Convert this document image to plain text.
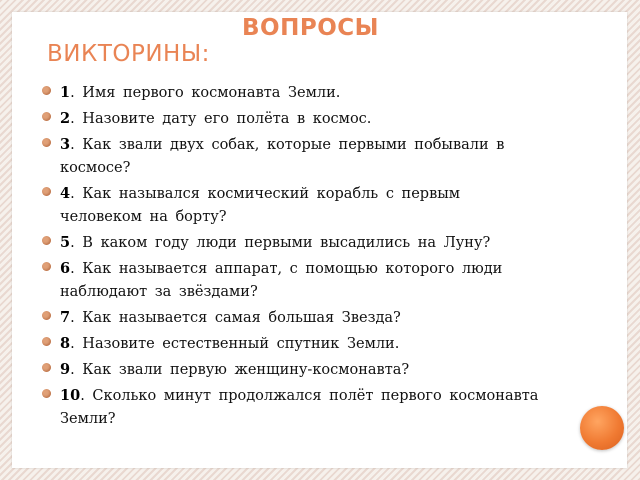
ВОПРОСЫ
ВИКТОРИНЫ:
1. Имя первого космонавта Земли.
2. Назовите дату его полёта в космос.
3. Как звали двух собак, которые первыми побывали в космосе?
4. Как назывался космический корабль с первым человеком на борту?
5. В каком году люди первыми высадились на Луну?
6. Как называется аппарат, с помощью которого люди наблюдают за звёздами?
7. Как называется самая большая Звезда?
8. Назовите естественный спутник Земли.
9. Как звали первую женщину-космонавта?
10. Сколько минут продолжался полёт первого космонавта Земли?
